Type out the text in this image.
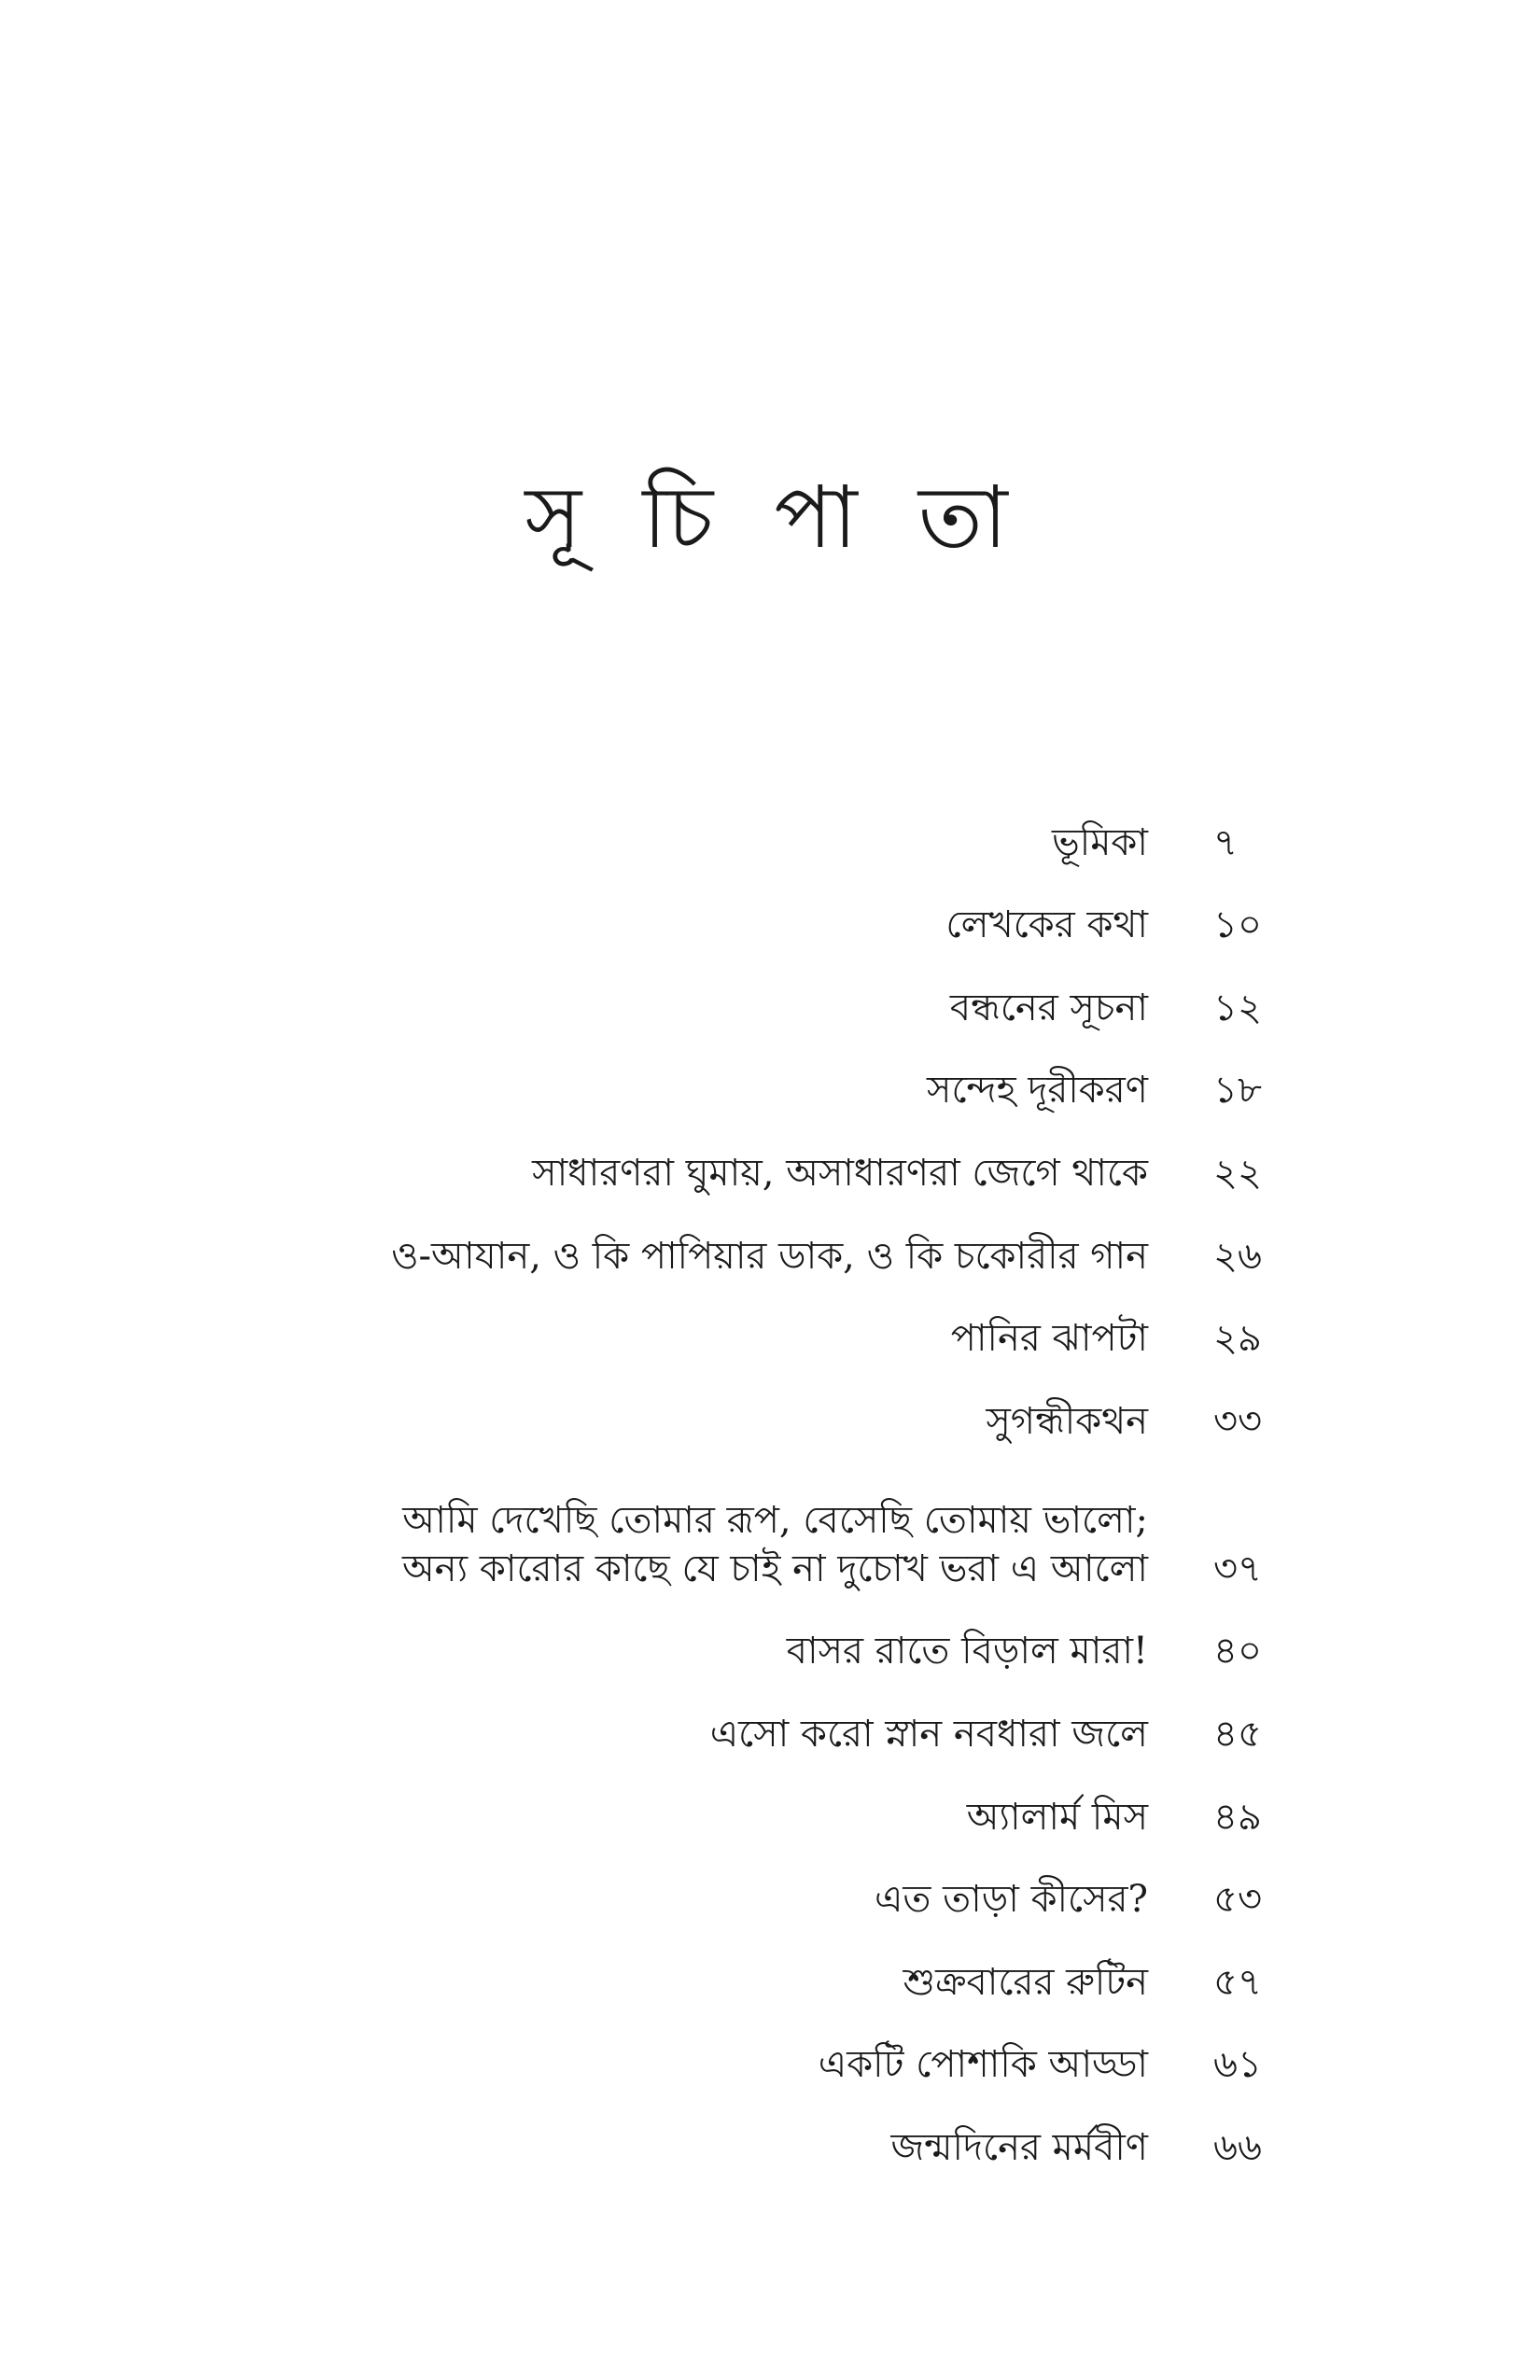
সূ চি পা তা
ভূমিকা	৭
লেখকের কথা	১০
বন্ধনের সূচনা	১২
সন্দেহ দূরীকরণ	১৮
সাধারণরা ঘুমায়, অসাধারণরা জেগে থাকে	২২
ও-আযান, ও কি পাপিয়ার ডাক, ও কি চকোরীর গান	২৬
পানির ঝাপটা	২৯
সুগন্ধীকথন	৩৩
আমি দেখেছি তোমার রূপ, বেসেছি তোমায় ভালো;
অন্য কারোর কাছে যে চাই না দুচোখ ভরা এ আলো	৩৭
বাসর রাতে বিড়াল মারা!	৪০
এসো করো স্নান নবধারা জলে	৪৫
অ্যালার্ম মিস	৪৯
এত তাড়া কীসের?	৫৩
শুক্রবারের রুটিন	৫৭
একটি পোশাকি আড্ডা	৬১
জন্মদিনের মর্মবীণ	৬৬
